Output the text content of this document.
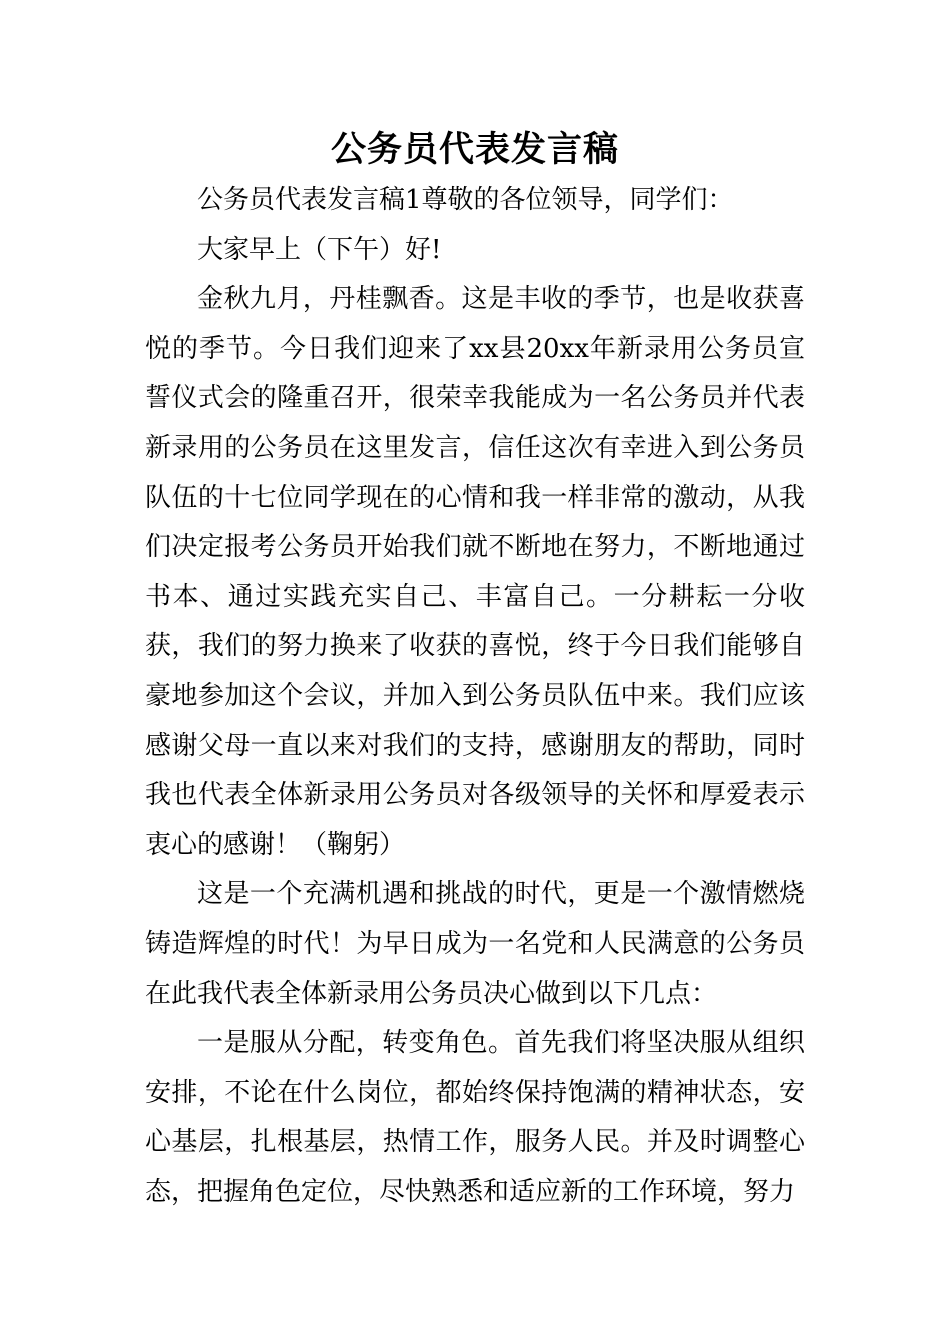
公务员代表发言稿

公务员代表发言稿1尊敬的各位领导，同学们：

大家早上（下午）好!

金秋九月，丹桂飘香。这是丰收的季节，也是收获喜悦的季节。今日我们迎来了xx县20xx年新录用公务员宣誓仪式会的隆重召开，很荣幸我能成为一名公务员并代表新录用的公务员在这里发言，信任这次有幸进入到公务员队伍的十七位同学现在的心情和我一样非常的激动，从我们决定报考公务员开始我们就不断地在努力，不断地通过书本、通过实践充实自己、丰富自己。一分耕耘一分收获，我们的努力换来了收获的喜悦，终于今日我们能够自豪地参加这个会议，并加入到公务员队伍中来。我们应该感谢父母一直以来对我们的支持，感谢朋友的帮助，同时我也代表全体新录用公务员对各级领导的关怀和厚爱表示衷心的感谢！（鞠躬）

这是一个充满机遇和挑战的时代，更是一个激情燃烧铸造辉煌的时代！为早日成为一名党和人民满意的公务员在此我代表全体新录用公务员决心做到以下几点：

一是服从分配，转变角色。首先我们将坚决服从组织安排，不论在什么岗位，都始终保持饱满的精神状态，安心基层，扎根基层，热情工作，服务人民。并及时调整心态，把握角色定位，尽快熟悉和适应新的工作环境，努力
